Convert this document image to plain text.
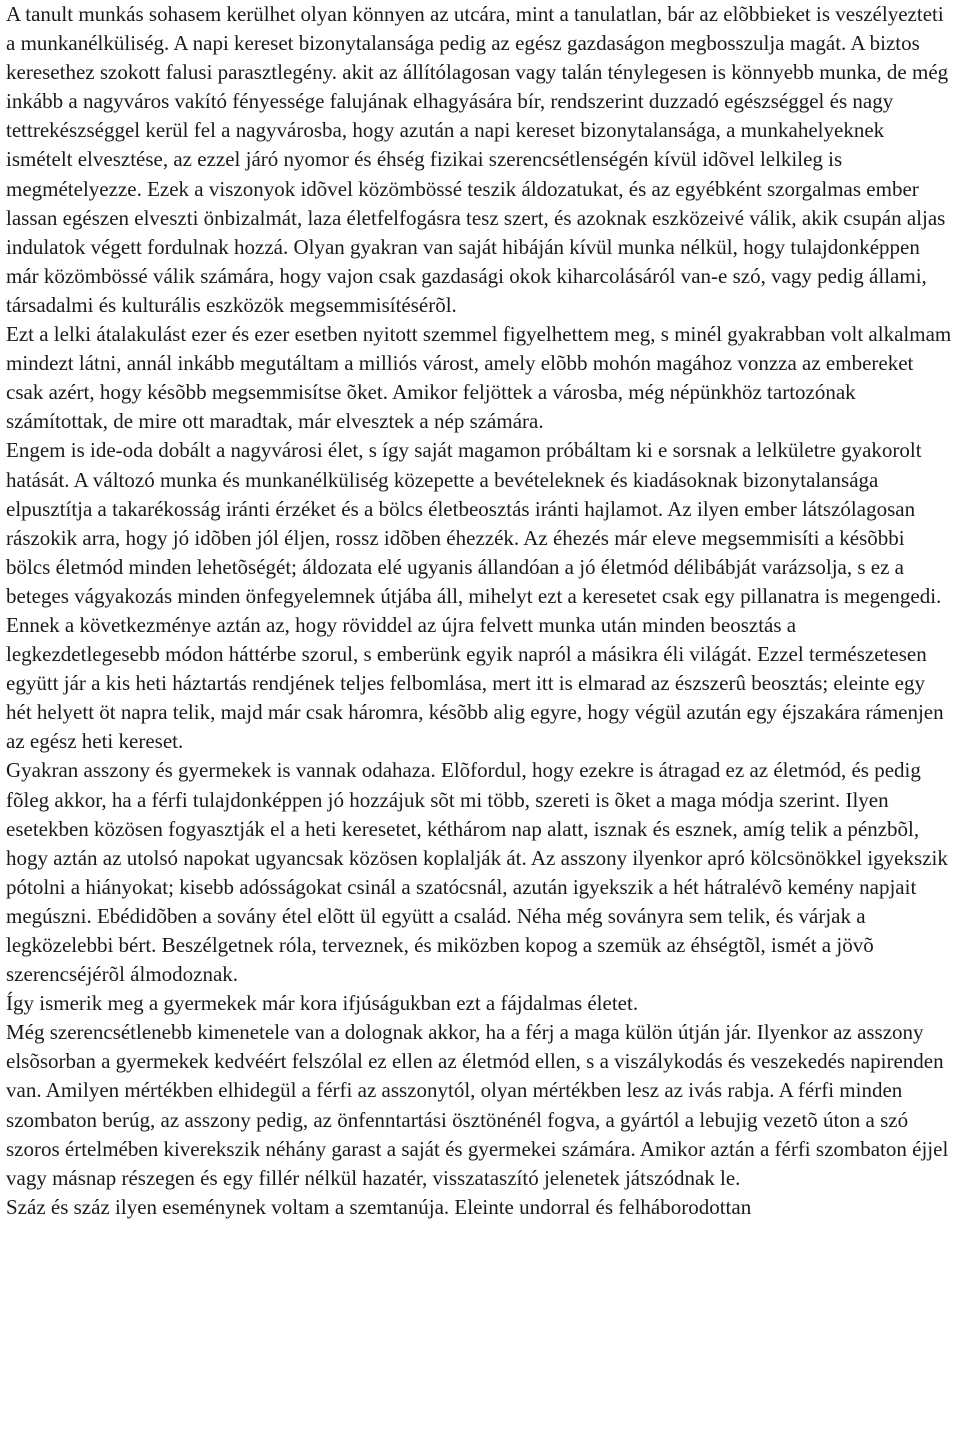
A tanult munkás sohasem kerülhet olyan könnyen az utcára, mint a tanulatlan, bár az elõbbieket is veszélyezteti a munkanélküliség. A napi kereset bizonytalansága pedig az egész gazdaságon megbosszulja magát. A biztos keresethez szokott falusi parasztlegény. akit az állítólagosan vagy talán ténylegesen is könnyebb munka, de még inkább a nagyváros vakító fényessége falujának elhagyására bír, rendszerint duzzadó egészséggel és nagy tettrekészséggel kerül fel a nagyvárosba, hogy azután a napi kereset bizonytalansága, a munkahelyeknek ismételt elvesztése, az ezzel járó nyomor és éhség fizikai szerencsétlenségén kívül idõvel lelkileg is megmételyezze. Ezek a viszonyok idõvel közömbössé teszik áldozatukat, és az egyébként szorgalmas ember lassan egészen elveszti önbizalmát, laza életfelfogásra tesz szert, és azoknak eszközeivé válik, akik csupán aljas indulatok végett fordulnak hozzá. Olyan gyakran van saját hibáján kívül munka nélkül, hogy tulajdonképpen már közömbössé válik számára, hogy vajon csak gazdasági okok kiharcolásáról van-e szó, vagy pedig állami, társadalmi és kulturális eszközök megsemmisítésérõl.

Ezt a lelki átalakulást ezer és ezer esetben nyitott szemmel figyelhettem meg, s minél gyakrabban volt alkalmam mindezt látni, annál inkább megutáltam a milliós várost, amely elõbb mohón magához vonzza az embereket csak azért, hogy késõbb megsemmisítse õket. Amikor feljöttek a városba, még népünkhöz tartozónak számítottak, de mire ott maradtak, már elvesztek a nép számára.

Engem is ide-oda dobált a nagyvárosi élet, s így saját magamon próbáltam ki e sorsnak a lelkületre gyakorolt hatását. A változó munka és munkanélküliség közepette a bevételeknek és kiadásoknak bizonytalansága elpusztítja a takarékosság iránti érzéket és a bölcs életbeosztás iránti hajlamot. Az ilyen ember látszólagosan rászokik arra, hogy jó idõben jól éljen, rossz idõben éhezzék. Az éhezés már eleve megsemmisíti a késõbbi bölcs életmód minden lehetõségét; áldozata elé ugyanis állandóan a jó életmód délibábját varázsolja, s ez a beteges vágyakozás minden önfegyelemnek útjába áll, mihelyt ezt a keresetet csak egy pillanatra is megengedi. Ennek a következménye aztán az, hogy röviddel az újra felvett munka után minden beosztás a legkezdetlegesebb módon háttérbe szorul, s emberünk egyik napról a másikra éli világát. Ezzel természetesen együtt jár a kis heti háztartás rendjének teljes felbomlása, mert itt is elmarad az észszerû beosztás; eleinte egy hét helyett öt napra telik, majd már csak háromra, késõbb alig egyre, hogy végül azután egy éjszakára rámenjen az egész heti kereset.

Gyakran asszony és gyermekek is vannak odahaza. Elõfordul, hogy ezekre is átragad ez az életmód, és pedig fõleg akkor, ha a férfi tulajdonképpen jó hozzájuk sõt mi több, szereti is õket a maga módja szerint. Ilyen esetekben közösen fogyasztják el a heti keresetet, kéthárom nap alatt, isznak és esznek, amíg telik a pénzbõl, hogy aztán az utolsó napokat ugyancsak közösen koplalják át. Az asszony ilyenkor apró kölcsönökkel igyekszik pótolni a hiányokat; kisebb adósságokat csinál a szatócsnál, azután igyekszik a hét hátralévõ kemény napjait megúszni. Ebédidõben a sovány étel elõtt ül együtt a család. Néha még soványra sem telik, és várjak a legközelebbi bért. Beszélgetnek róla, terveznek, és miközben kopog a szemük az éhségtõl, ismét a jövõ szerencséjérõl álmodoznak.

Így ismerik meg a gyermekek már kora ifjúságukban ezt a fájdalmas életet.

Még szerencsétlenebb kimenetele van a dolognak akkor, ha a férj a maga külön útján jár. Ilyenkor az asszony elsõsorban a gyermekek kedvéért felszólal ez ellen az életmód ellen, s a viszálykodás és veszekedés napirenden van. Amilyen mértékben elhidegül a férfi az asszonytól, olyan mértékben lesz az ivás rabja. A férfi minden szombaton berúg, az asszony pedig, az önfenntartási ösztönénél fogva, a gyártól a lebujig vezetõ úton a szó szoros értelmében kiverekszik néhány garast a saját és gyermekei számára. Amikor aztán a férfi szombaton éjjel vagy másnap részegen és egy fillér nélkül hazatér, visszataszító jelenetek játszódnak le.

Száz és száz ilyen eseménynek voltam a szemtanúja. Eleinte undorral és felháborodottan
